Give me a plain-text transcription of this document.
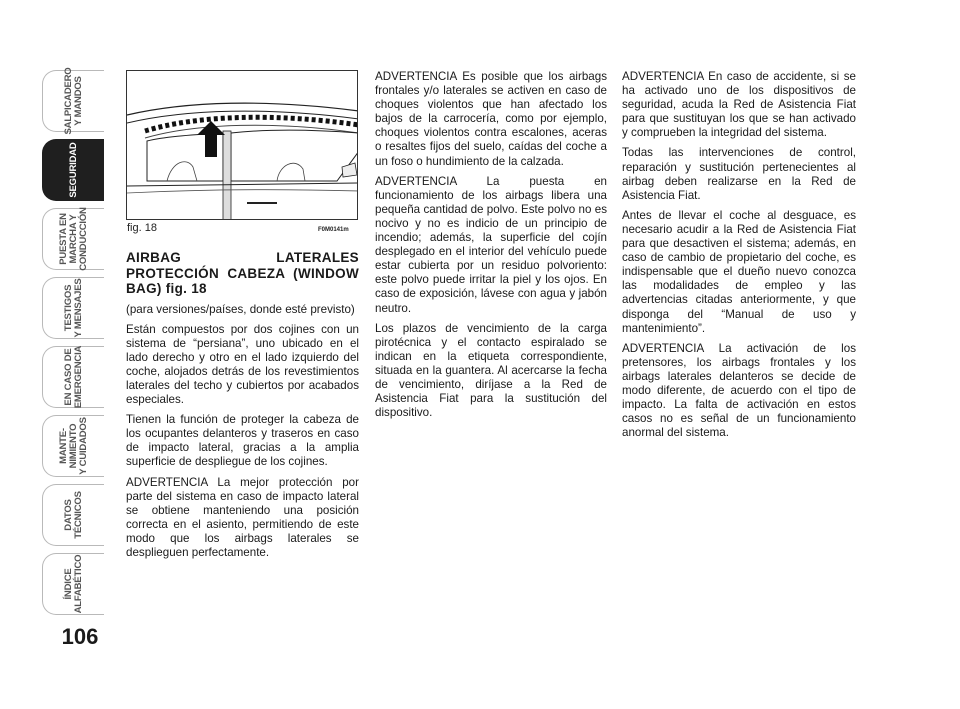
SALPICADERO
Y MANDOS
SEGURIDAD
PUESTA EN
MARCHA Y
CONDUCCIÓN
TESTIGOS
Y MENSAJES
EN CASO DE
EMERGENCIA
MANTE-
NIMIENTO
Y CUIDADOS
DATOS
TÉCNICOS
ÍNDICE
ALFABÉTICO
106
fig. 18	F0M0141m

AIRBAG LATERALES PROTECCIÓN CABEZA (WINDOW BAG) fig. 18

(para versiones/países, donde esté previsto)

Están compuestos por dos cojines con un sistema de “persiana”, uno ubicado en el lado derecho y otro en el lado izquierdo del coche, alojados detrás de los revestimientos laterales del techo y cubiertos por acabados especiales.

Tienen la función de proteger la cabeza de los ocupantes delanteros y traseros en caso de impacto lateral, gracias a la amplia superficie de despliegue de los cojines.

ADVERTENCIA La mejor protección por parte del sistema en caso de impacto lateral se obtiene manteniendo una posición correcta en el asiento, permitiendo de este modo que los airbags laterales se desplieguen perfectamente.

ADVERTENCIA Es posible que los airbags frontales y/o laterales se activen en caso de choques violentos que han afectado los bajos de la carrocería, como por ejemplo, choques violentos contra escalones, aceras o resaltes fijos del suelo, caídas del coche a un foso o hundimiento de la calzada.

ADVERTENCIA La puesta en funcionamiento de los airbags libera una pequeña cantidad de polvo. Este polvo no es nocivo y no es indicio de un principio de incendio; además, la superficie del cojín desplegado en el interior del vehículo puede estar cubierta por un residuo polvoriento: este polvo puede irritar la piel y los ojos. En caso de exposición, lávese con agua y jabón neutro.

Los plazos de vencimiento de la carga pirotécnica y el contacto espiralado se indican en la etiqueta correspondiente, situada en la guantera. Al acercarse la fecha de vencimiento, diríjase a la Red de Asistencia Fiat para la sustitución del dispositivo.

ADVERTENCIA En caso de accidente, si se ha activado uno de los dispositivos de seguridad, acuda la Red de Asistencia Fiat para que sustituyan los que se han activado y comprueben la integridad del sistema.

Todas las intervenciones de control, reparación y sustitución pertenecientes al airbag deben realizarse en la Red de Asistencia Fiat.

Antes de llevar el coche al desguace, es necesario acudir a la Red de Asistencia Fiat para que desactiven el sistema; además, en caso de cambio de propietario del coche, es indispensable que el dueño nuevo conozca las modalidades de empleo y las advertencias citadas anteriormente, y que disponga del “Manual de uso y mantenimiento”.

ADVERTENCIA La activación de los pretensores, los airbags frontales y los airbags laterales delanteros se decide de modo diferente, de acuerdo con el tipo de impacto. La falta de activación en estos casos no es señal de un funcionamiento anormal del sistema.
